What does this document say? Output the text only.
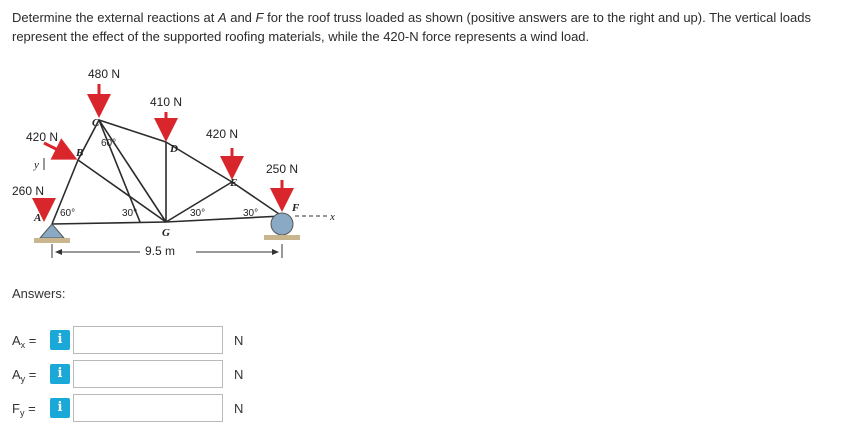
Determine the external reactions at A and F for the roof truss loaded as shown (positive answers are to the right and up). The vertical loads represent the effect of the supported roofing materials, while the 420-N force represents a wind load.
480 N
410 N
420 N
250 N
420 N
260 N
9.5 m
A
B
C
D
E
F
G
60°
60°
30°	30°	30°
y
x
Answers:
$A_x$ =	i	N
$A_y$ =	i	N
$F_y$ =	i	N
